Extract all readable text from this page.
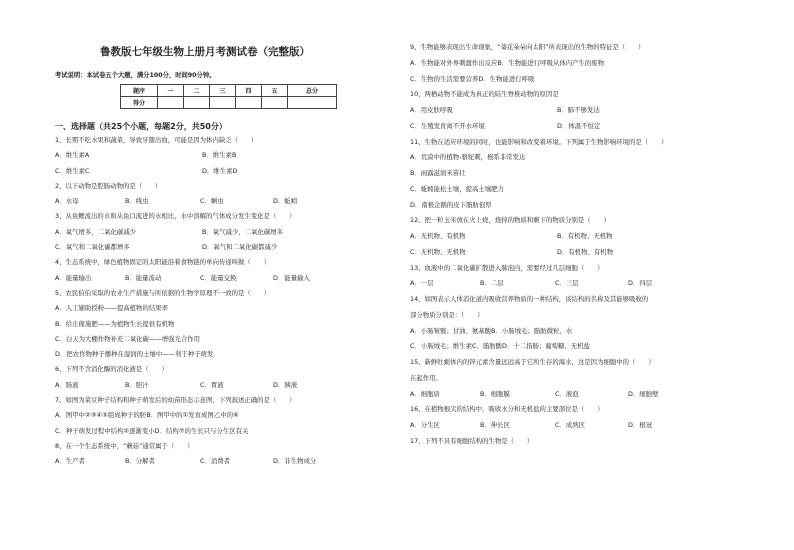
鲁教版七年级生物上册月考测试卷（完整版）
考试说明：本试卷五个大题，满分100分，时间90分钟。
题序	一	二	三	四	五	总分
得分						
一、选择题（共25个小题，每题2分，共50分）
1、长期不吃水果和蔬菜，导致牙龈出血，可能是因为体内缺乏（　　）
A．维生素A	B．维生素B
C．维生素C	D．维生素D
2、以下动物是腔肠动物的是（　　）
A．水母	B．线虫	C．蛔虫	D．蚯蚓
3、从鱼鳃流出的水和从鱼口流进的水相比，水中溶解的气体成分发生变化是（　　）
A．氧气增多，二氧化碳减少	B．氧气减少，二氧化碳增多
C．氧气和二氧化碳都增多	D．氧气和二氧化碳都减少
4、生态系统中，绿色植物固定的太阳能沿着食物链的单向传递叫做（　　）
A．能量输出	B．能量流动	C．能量交换	D．能量输入
5、农民伯伯采取的农业生产措施与所依据的生物学原理不一致的是（　　）
A．人工辅助授粉——提高植物的结果率
B．给庄稼施肥——为植物生长提供有机物
C．白天为大棚作物补充二氧化碳——增强光合作用
D．把农作物种子播种在湿润的土壤中——利于种子萌发
6、下列不含消化酶的消化液是（　　）
A．肠液	B．胆汁	C．胃液	D．胰液
7、如图为菜豆种子结构和种子萌发后的幼苗形态示意图，下列叙述正确的是（　　）
A．图甲中②③④⑤组成种子的胚B．图甲中的①发育成图乙中的⑥
C．种子萌发过程中结构②逐渐变小D．结构⑦的生长只与分生区有关
8、在一个生态系统中，“蘑菇”通常属于（　　）
A．生产者	B．分解者	C．消费者	D．非生物成分
9、生物能够表现出生命现象，“葵花朵朵向太阳”所表现出的生物的特征是（　　）
A．生物能对外界刺激作出反应B．生物能进行呼吸从体内产生的废物
C．生物的生活需要营养D．生物能进行呼吸
10、两栖动物不能成为真正的陆生脊椎动物的原因是
A．用皮肤呼吸	B．肺不够发达
C．生殖发育离不开水环境	D．体温不恒定
11、生物在适应环境的同时，也能影响和改变着环境。下列属于生物影响环境的是（　　）
A．荒漠中的植物-骆驼刺，根系非常发达
B．雨露滋润禾苗壮
C．蚯蚓能松土壤，提高土壤肥力
D．南极企鹅的皮下脂肪很厚
12、把一粒玉米放在火上烧，烧掉的物质和剩下的物质分别是（　　）
A．无机物、有机物	B．有机物、无机物
C．无机物、无机物	D．有机物、有机物
13、血液中的二氧化碳扩散进入肺泡内，需要经过几层细胞（　　）
A．一层	B．二层	C．三层	D．四层
14、如图表示人体消化道内吸收营养物质的一种结构，该结构的名称及其能够吸收的
部分物质分别是：（　　）
A．小肠皱襞；甘油、氨基酸B．小肠绒毛；脂肪微粒、水
C．小肠绒毛；维生素C、脂肪酸D．十二指肠；葡萄糖、无机盐
15、新鲜牡蛎体内的锌元素含量远远高于它所生存的海水，这是因为细胞中的（　　）
在起作用。
A．细胞质	B．细胞膜	C．液泡	D．细胞壁
16、在植物根尖的结构中，吸收水分和无机盐的主要部位是（　　）
A．分生区	B．伸长区	C．成熟区	D．根冠
17、下列不具有细胞结构的生物是（　　）
